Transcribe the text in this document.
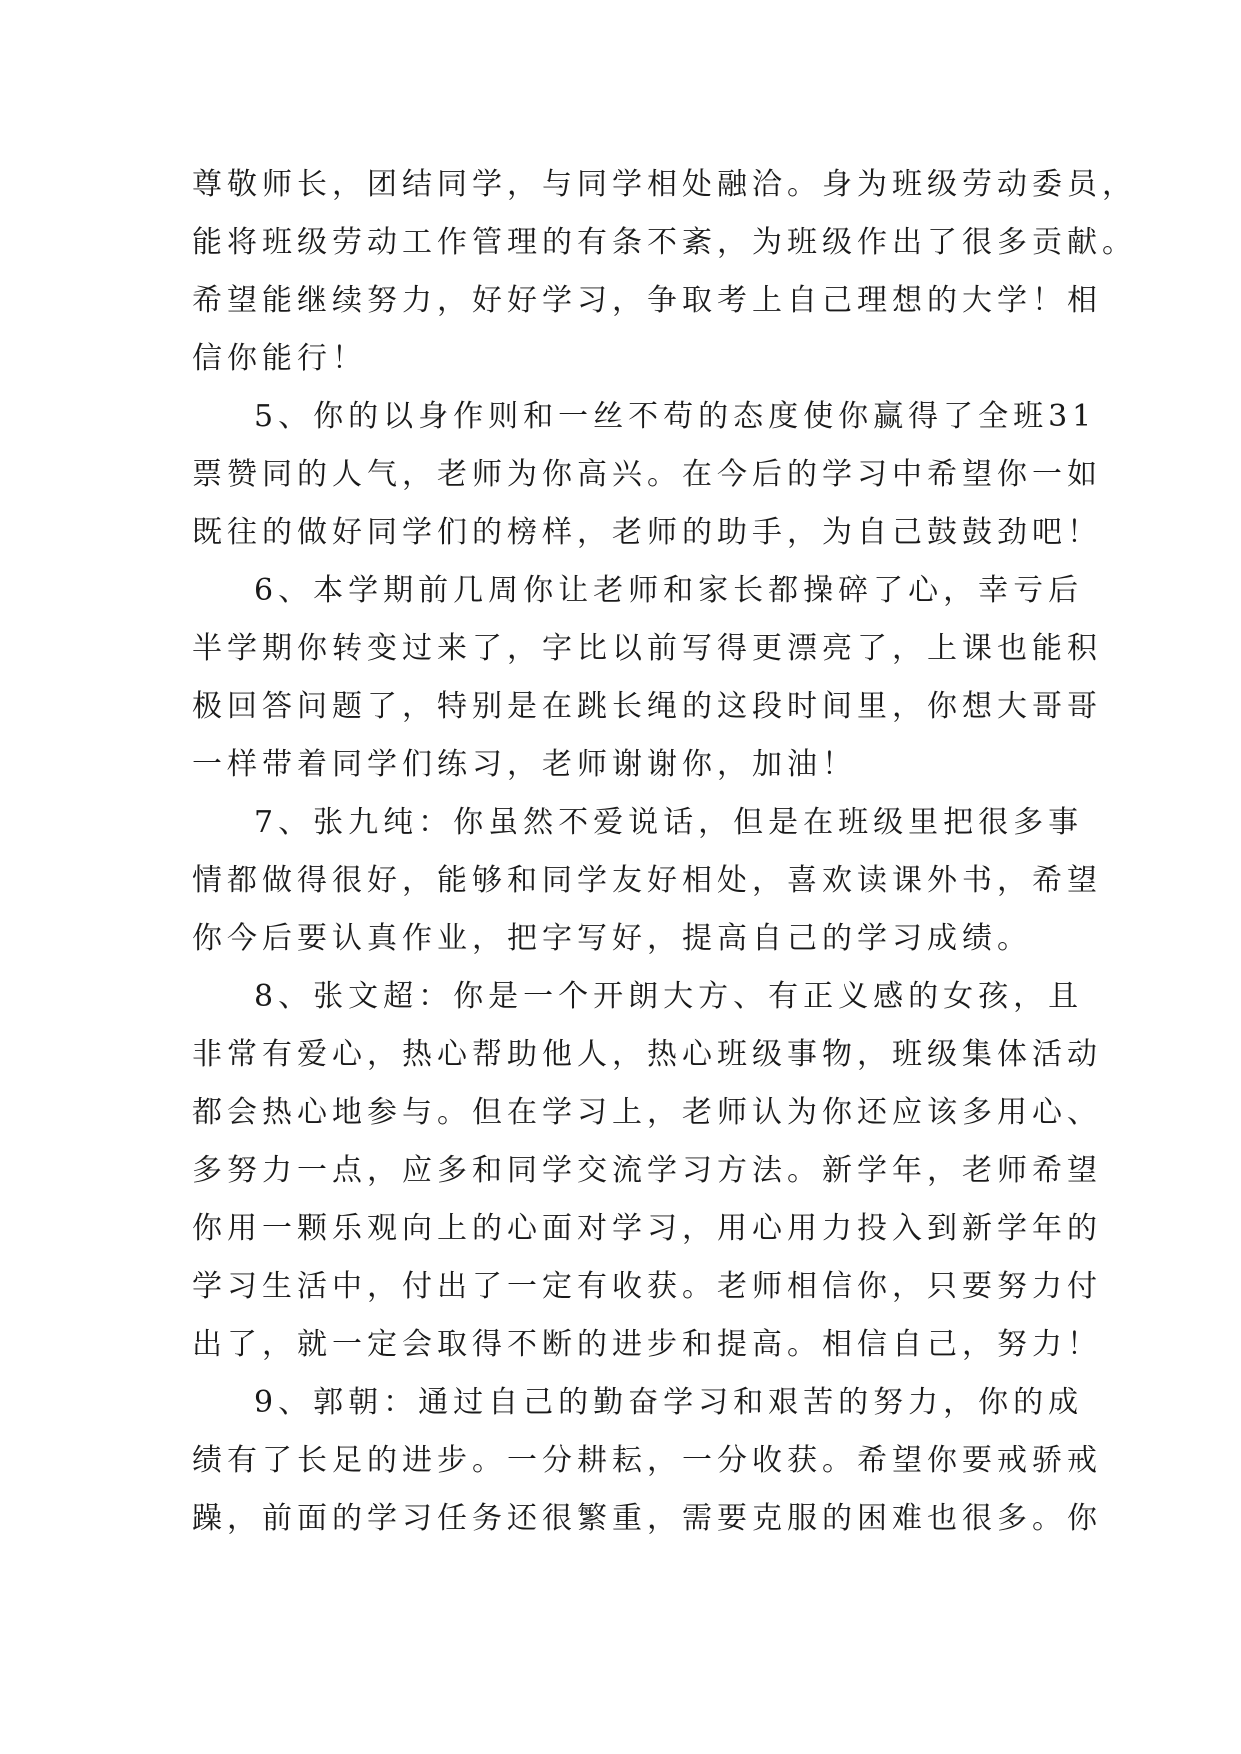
尊敬师长，团结同学，与同学相处融洽。身为班级劳动委员，
能将班级劳动工作管理的有条不紊，为班级作出了很多贡献。
希望能继续努力，好好学习，争取考上自己理想的大学！相
信你能行！
5、你的以身作则和一丝不苟的态度使你赢得了全班31
票赞同的人气，老师为你高兴。在今后的学习中希望你一如
既往的做好同学们的榜样，老师的助手，为自己鼓鼓劲吧！
6、本学期前几周你让老师和家长都操碎了心，幸亏后
半学期你转变过来了，字比以前写得更漂亮了，上课也能积
极回答问题了，特别是在跳长绳的这段时间里，你想大哥哥
一样带着同学们练习，老师谢谢你，加油！
7、张九纯：你虽然不爱说话，但是在班级里把很多事
情都做得很好，能够和同学友好相处，喜欢读课外书，希望
你今后要认真作业，把字写好，提高自己的学习成绩。
8、张文超：你是一个开朗大方、有正义感的女孩，且
非常有爱心，热心帮助他人，热心班级事物，班级集体活动
都会热心地参与。但在学习上，老师认为你还应该多用心、
多努力一点，应多和同学交流学习方法。新学年，老师希望
你用一颗乐观向上的心面对学习，用心用力投入到新学年的
学习生活中，付出了一定有收获。老师相信你，只要努力付
出了，就一定会取得不断的进步和提高。相信自己，努力！
9、郭朝：通过自己的勤奋学习和艰苦的努力，你的成
绩有了长足的进步。一分耕耘，一分收获。希望你要戒骄戒
躁，前面的学习任务还很繁重，需要克服的困难也很多。你
